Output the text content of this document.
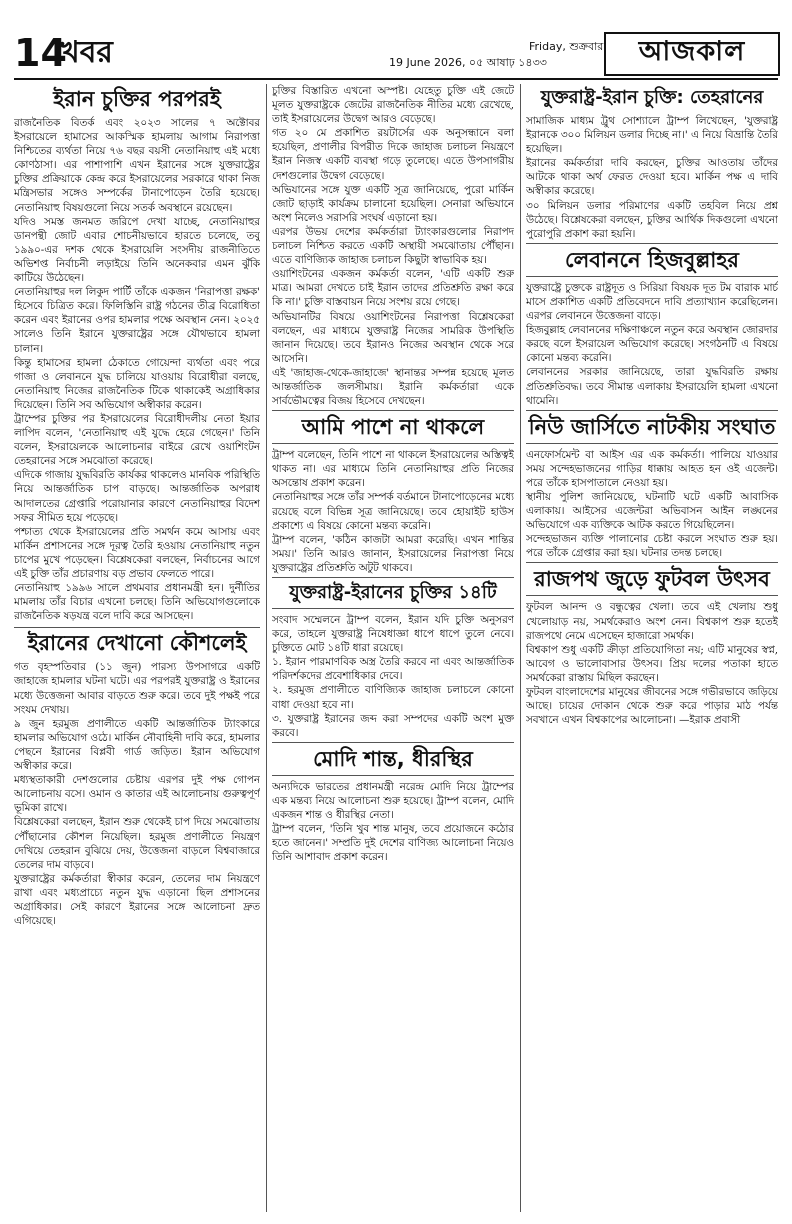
14
খবর	19 June 2026, ০৫ আষাঢ় ১৪৩৩
Friday, শুক্রবার	আজকাল
ইরান চুক্তির পরপরই

রাজনৈতিক বিতর্ক এবং ২০২৩ সালের ৭ অক্টোবর ইসরায়েলে হামাসের আকস্মিক হামলায় আগাম নিরাপত্তা নিশ্চিতের ব্যর্থতা নিয়ে ৭৬ বছর বয়সী নেতানিয়াহু এই মধ্যে কোণঠাসা। এর পাশাপাশি এখন ইরানের সঙ্গে যুক্তরাষ্ট্রের চুক্তির প্রক্রিয়াকে কেন্দ্র করে ইসরায়েলের সরকারে থাকা নিজ মন্ত্রিসভার সঙ্গেও সম্পর্কের টানাপোড়েন তৈরি হয়েছে। নেতানিয়াহু বিষয়গুলো নিয়ে সতর্ক অবস্থানে রয়েছেন।

যদিও সমস্ত জনমত জরিপে দেখা যাচ্ছে, নেতানিয়াহুর ডানপন্থী জোট এবার শোচনীয়ভাবে হারতে চলেছে, তবু ১৯৯০-এর দশক থেকে ইসরায়েলি সংসদীয় রাজনীতিতে অভিশপ্ত নির্বাচনী লড়াইয়ে তিনি অনেকবার এমন ঝুঁকি কাটিয়ে উঠেছেন।

নেতানিয়াহুর দল লিকুদ পার্টি তাঁকে একজন 'নিরাপত্তা রক্ষক' হিসেবে চিত্রিত করে। ফিলিস্তিনি রাষ্ট্র গঠনের তীব্র বিরোধিতা করেন এবং ইরানের ওপর হামলার পক্ষে অবস্থান নেন। ২০২৫ সালেও তিনি ইরানে যুক্তরাষ্ট্রের সঙ্গে যৌথভাবে হামলা চালান।

কিন্তু হামাসের হামলা ঠেকাতে গোয়েন্দা ব্যর্থতা এবং পরে গাজা ও লেবাননে যুদ্ধ চালিয়ে যাওয়ায় বিরোধীরা বলছে, নেতানিয়াহু নিজের রাজনৈতিক টিকে থাকাকেই অগ্রাধিকার দিয়েছেন। তিনি সব অভিযোগ অস্বীকার করেন।

ট্রাম্পের চুক্তির পর ইসরায়েলের বিরোধীদলীয় নেতা ইয়ার লাপিদ বলেন, 'নেতানিয়াহু এই যুদ্ধে হেরে গেছেন।' তিনি বলেন, ইসরায়েলকে আলোচনার বাইরে রেখে ওয়াশিংটন তেহরানের সঙ্গে সমঝোতা করেছে।

এদিকে গাজায় যুদ্ধবিরতি কার্যকর থাকলেও মানবিক পরিস্থিতি নিয়ে আন্তর্জাতিক চাপ বাড়ছে। আন্তর্জাতিক অপরাধ আদালতের গ্রেপ্তারি পরোয়ানার কারণে নেতানিয়াহুর বিদেশ সফর সীমিত হয়ে পড়েছে।

পশ্চাত্য থেকে ইসরায়েলের প্রতি সমর্থন কমে আসায় এবং মার্কিন প্রশাসনের সঙ্গে দূরত্ব তৈরি হওয়ায় নেতানিয়াহু নতুন চাপের মুখে পড়েছেন। বিশ্লেষকেরা বলছেন, নির্বাচনের আগে এই চুক্তি তাঁর প্রচারণায় বড় প্রভাব ফেলতে পারে।

নেতানিয়াহু ১৯৯৬ সালে প্রথমবার প্রধানমন্ত্রী হন। দুর্নীতির মামলায় তাঁর বিচার এখনো চলছে। তিনি অভিযোগগুলোকে রাজনৈতিক ষড়যন্ত্র বলে দাবি করে আসছেন।

ইরানের দেখানো কৌশলেই

গত বৃহস্পতিবার (১১ জুন) পারস্য উপসাগরে একটি জাহাজে হামলার ঘটনা ঘটে। এর পরপরই যুক্তরাষ্ট্র ও ইরানের মধ্যে উত্তেজনা আবার বাড়তে শুরু করে। তবে দুই পক্ষই পরে সংযম দেখায়।

৯ জুন হরমুজ প্রণালীতে একটি আন্তর্জাতিক ট্যাংকারে হামলার অভিযোগ ওঠে। মার্কিন নৌবাহিনী দাবি করে, হামলার পেছনে ইরানের বিপ্লবী গার্ড জড়িত। ইরান অভিযোগ অস্বীকার করে।

মধ্যস্থতাকারী দেশগুলোর চেষ্টায় এরপর দুই পক্ষ গোপন আলোচনায় বসে। ওমান ও কাতার এই আলোচনায় গুরুত্বপূর্ণ ভূমিকা রাখে।

বিশ্লেষকেরা বলছেন, ইরান শুরু থেকেই চাপ দিয়ে সমঝোতায় পৌঁছানোর কৌশল নিয়েছিল। হরমুজ প্রণালীতে নিয়ন্ত্রণ দেখিয়ে তেহরান বুঝিয়ে দেয়, উত্তেজনা বাড়লে বিশ্ববাজারে তেলের দাম বাড়বে।

যুক্তরাষ্ট্রের কর্মকর্তারা স্বীকার করেন, তেলের দাম নিয়ন্ত্রণে রাখা এবং মধ্যপ্রাচ্যে নতুন যুদ্ধ এড়ানো ছিল প্রশাসনের অগ্রাধিকার। সেই কারণে ইরানের সঙ্গে আলোচনা দ্রুত এগিয়েছে।

চুক্তির বিস্তারিত এখনো অস্পষ্ট। যেহেতু চুক্তি এই জেটে মূলত যুক্তরাষ্ট্রকে জেটের রাজনৈতিক নীতির মধ্যে রেখেছে, তাই ইসরায়েলের উদ্বেগ আরও বেড়েছে।

গত ২০ মে প্রকাশিত রয়টার্সের এক অনুসন্ধানে বলা হয়েছিল, প্রণালীর বিপরীত দিকে জাহাজ চলাচল নিয়ন্ত্রণে ইরান নিজস্ব একটি ব্যবস্থা গড়ে তুলেছে। এতে উপসাগরীয় দেশগুলোর উদ্বেগ বেড়েছে।

অভিযানের সঙ্গে যুক্ত একটি সূত্র জানিয়েছে, পুরো মার্কিন জোট ছাড়াই কার্যক্রম চালানো হয়েছিল। সেনারা অভিযানে অংশ নিলেও সরাসরি সংঘর্ষ এড়ানো হয়।

এরপর উভয় দেশের কর্মকর্তারা ট্যাংকারগুলোর নিরাপদ চলাচল নিশ্চিত করতে একটি অস্থায়ী সমঝোতায় পৌঁছান। এতে বাণিজ্যিক জাহাজ চলাচল কিছুটা স্বাভাবিক হয়।

ওয়াশিংটনের একজন কর্মকর্তা বলেন, 'এটি একটি শুরু মাত্র। আমরা দেখতে চাই ইরান তাদের প্রতিশ্রুতি রক্ষা করে কি না।' চুক্তি বাস্তবায়ন নিয়ে সংশয় রয়ে গেছে।

অভিযানটির বিষয়ে ওয়াশিংটনের নিরাপত্তা বিশ্লেষকেরা বলছেন, এর মাধ্যমে যুক্তরাষ্ট্র নিজের সামরিক উপস্থিতি জানান দিয়েছে। তবে ইরানও নিজের অবস্থান থেকে সরে আসেনি।

এই 'জাহাজ-থেকে-জাহাজে' স্থানান্তর সম্পন্ন হয়েছে মূলত আন্তর্জাতিক জলসীমায়। ইরানি কর্মকর্তারা একে সার্বভৌমত্বের বিজয় হিসেবে দেখছেন।

আমি পাশে না থাকলে

ট্রাম্প বলেছেন, তিনি পাশে না থাকলে ইসরায়েলের অস্তিত্বই থাকত না। এর মাধ্যমে তিনি নেতানিয়াহুর প্রতি নিজের অসন্তোষ প্রকাশ করেন।

নেতানিয়াহুর সঙ্গে তাঁর সম্পর্ক বর্তমানে টানাপোড়েনের মধ্যে রয়েছে বলে বিভিন্ন সূত্র জানিয়েছে। তবে হোয়াইট হাউস প্রকাশ্যে এ বিষয়ে কোনো মন্তব্য করেনি।

ট্রাম্প বলেন, 'কঠিন কাজটা আমরা করেছি। এখন শান্তির সময়।' তিনি আরও জানান, ইসরায়েলের নিরাপত্তা নিয়ে যুক্তরাষ্ট্রের প্রতিশ্রুতি অটুট থাকবে।

যুক্তরাষ্ট্র-ইরানের চুক্তির ১৪টি

সংবাদ সম্মেলনে ট্রাম্প বলেন, ইরান যদি চুক্তি অনুসরণ করে, তাহলে যুক্তরাষ্ট্র নিষেধাজ্ঞা ধাপে ধাপে তুলে নেবে। চুক্তিতে মোট ১৪টি ধারা রয়েছে।

১. ইরান পারমাণবিক অস্ত্র তৈরি করবে না এবং আন্তর্জাতিক পরিদর্শকদের প্রবেশাধিকার দেবে।

২. হরমুজ প্রণালীতে বাণিজ্যিক জাহাজ চলাচলে কোনো বাধা দেওয়া হবে না।

৩. যুক্তরাষ্ট্র ইরানের জব্দ করা সম্পদের একটি অংশ মুক্ত করবে।

মোদি শান্ত, ধীরস্থির

অন্যদিকে ভারতের প্রধানমন্ত্রী নরেন্দ্র মোদি নিয়ে ট্রাম্পের এক মন্তব্য নিয়ে আলোচনা শুরু হয়েছে। ট্রাম্প বলেন, মোদি একজন শান্ত ও ধীরস্থির নেতা।

ট্রাম্প বলেন, 'তিনি খুব শান্ত মানুষ, তবে প্রয়োজনে কঠোর হতে জানেন।' সম্প্রতি দুই দেশের বাণিজ্য আলোচনা নিয়েও তিনি আশাবাদ প্রকাশ করেন।

যুক্তরাষ্ট্র-ইরান চুক্তি: তেহরানের

সামাজিক মাধ্যম ট্রুথ সোশ্যালে ট্রাম্প লিখেছেন, 'যুক্তরাষ্ট্র ইরানকে ৩০০ মিলিয়ন ডলার দিচ্ছে না।' এ নিয়ে বিভ্রান্তি তৈরি হয়েছিল।

ইরানের কর্মকর্তারা দাবি করছেন, চুক্তির আওতায় তাঁদের আটকে থাকা অর্থ ফেরত দেওয়া হবে। মার্কিন পক্ষ এ দাবি অস্বীকার করেছে।

৩০ মিলিয়ন ডলার পরিমাণের একটি তহবিল নিয়ে প্রশ্ন উঠেছে। বিশ্লেষকেরা বলছেন, চুক্তির আর্থিক দিকগুলো এখনো পুরোপুরি প্রকাশ করা হয়নি।

লেবাননে হিজবুল্লাহর

যুক্তরাষ্ট্রে চুক্তকে রাষ্ট্রদূত ও সিরিয়া বিষয়ক দূত টম বারাক মার্চ মাসে প্রকাশিত একটি প্রতিবেদনে দাবি প্রত্যাখ্যান করেছিলেন। এরপর লেবাননে উত্তেজনা বাড়ে।

হিজবুল্লাহ লেবাননের দক্ষিণাঞ্চলে নতুন করে অবস্থান জোরদার করছে বলে ইসরায়েল অভিযোগ করেছে। সংগঠনটি এ বিষয়ে কোনো মন্তব্য করেনি।

লেবাননের সরকার জানিয়েছে, তারা যুদ্ধবিরতি রক্ষায় প্রতিশ্রুতিবদ্ধ। তবে সীমান্ত এলাকায় ইসরায়েলি হামলা এখনো থামেনি।

নিউ জার্সিতে নাটকীয় সংঘাত

এনফোর্সমেন্ট বা আইস এর এক কর্মকর্তা। পালিয়ে যাওয়ার সময় সন্দেহভাজনের গাড়ির ধাক্কায় আহত হন ওই এজেন্ট। পরে তাঁকে হাসপাতালে নেওয়া হয়।

স্থানীয় পুলিশ জানিয়েছে, ঘটনাটি ঘটে একটি আবাসিক এলাকায়। আইসের এজেন্টরা অভিবাসন আইন লঙ্ঘনের অভিযোগে এক ব্যক্তিকে আটক করতে গিয়েছিলেন।

সন্দেহভাজন ব্যক্তি পালানোর চেষ্টা করলে সংঘাত শুরু হয়। পরে তাঁকে গ্রেপ্তার করা হয়। ঘটনার তদন্ত চলছে।

রাজপথ জুড়ে ফুটবল উৎসব

ফুটবল আনন্দ ও বন্ধুত্বের খেলা। তবে এই খেলায় শুধু খেলোয়াড় নয়, সমর্থকেরাও অংশ নেন। বিশ্বকাপ শুরু হতেই রাজপথে নেমে এসেছেন হাজারো সমর্থক।

বিশ্বকাপ শুধু একটি ক্রীড়া প্রতিযোগিতা নয়; এটি মানুষের স্বপ্ন, আবেগ ও ভালোবাসার উৎসব। প্রিয় দলের পতাকা হাতে সমর্থকেরা রাস্তায় মিছিল করছেন।

ফুটবল বাংলাদেশের মানুষের জীবনের সঙ্গে গভীরভাবে জড়িয়ে আছে। চায়ের দোকান থেকে শুরু করে পাড়ার মাঠ পর্যন্ত সবখানে এখন বিশ্বকাপের আলোচনা। —ইরাক প্রবাসী
